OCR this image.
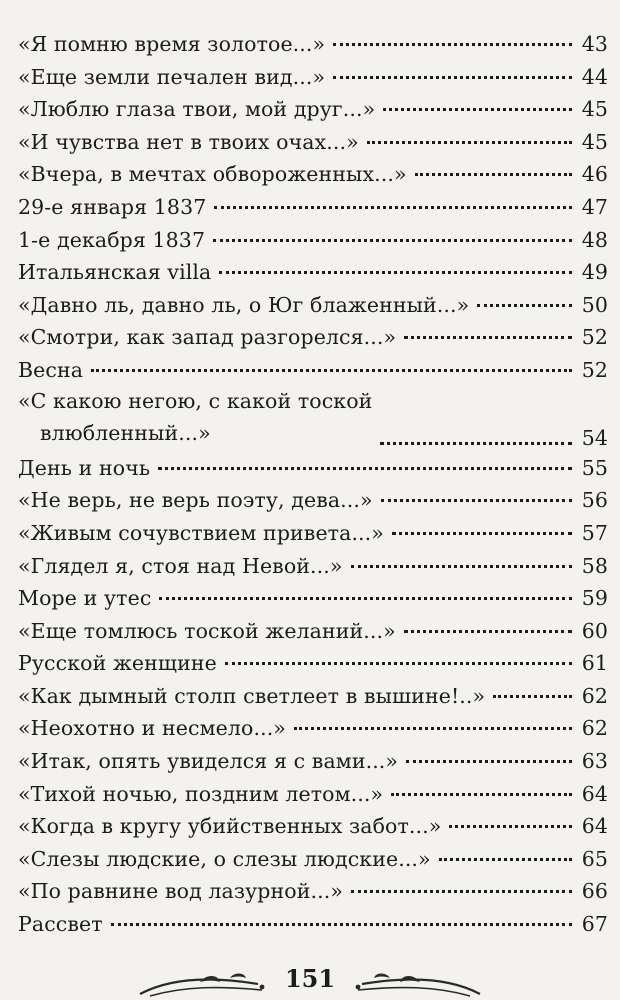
«Я помню время золотое...»	43
«Еще земли печален вид...»	44
«Люблю глаза твои, мой друг...»	45
«И чувства нет в твоих очах...»	45
«Вчера, в мечтах обвороженных...»	46
29-е января 1837	47
1-е декабря 1837	48
Итальянская villa	49
«Давно ль, давно ль, о Юг блаженный...»	50
«Смотри, как запад разгорелся...»	52
Весна	52
«С какою негою, с какой тоской
влюбленный...»	54
День и ночь	55
«Не верь, не верь поэту, дева...»	56
«Живым сочувствием привета...»	57
«Глядел я, стоя над Невой...»	58
Море и утес	59
«Еще томлюсь тоской желаний...»	60
Русской женщине	61
«Как дымный столп светлеет в вышине!..»	62
«Неохотно и несмело...»	62
«Итак, опять увиделся я с вами...»	63
«Тихой ночью, поздним летом...»	64
«Когда в кругу убийственных забот...»	64
«Слезы людские, о слезы людские...»	65
«По равнине вод лазурной...»	66
Рассвет	67
151
